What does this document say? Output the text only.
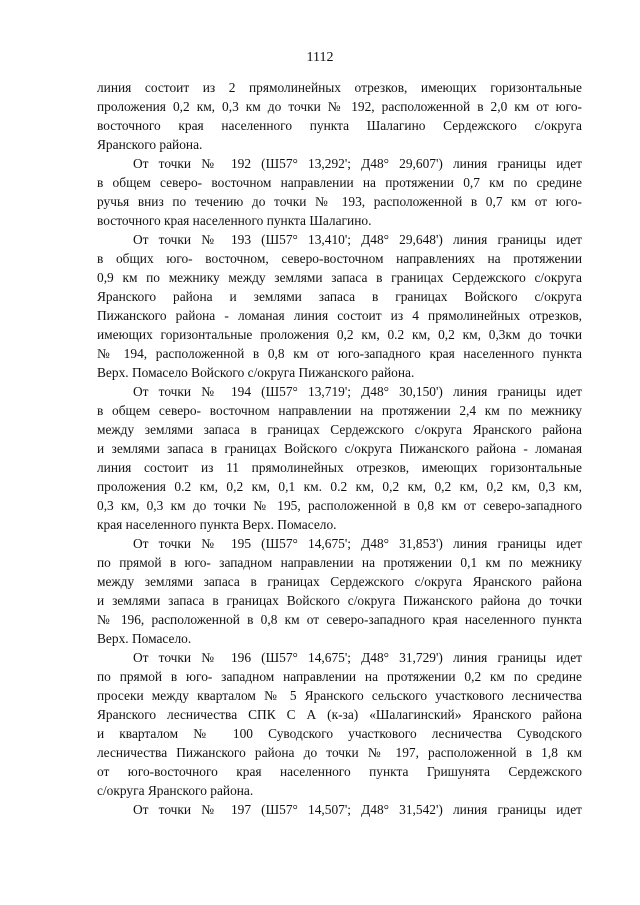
1112
линия состоит из 2 прямолинейных отрезков, имеющих горизонтальные
проложения 0,2 км, 0,3 км до точки № 192, расположенной в 2,0 км от юго-
восточного края населенного пункта Шалагино Сердежского с/округа
Яранского района.
От точки № 192 (Ш57° 13,292'; Д48° 29,607') линия границы идет
в общем северо- восточном направлении на протяжении 0,7 км по средине
ручья вниз по течению до точки № 193, расположенной в 0,7 км от юго-
восточного края населенного пункта Шалагино.
От точки № 193 (Ш57° 13,410'; Д48° 29,648') линия границы идет
в общих юго- восточном, северо-восточном направлениях на протяжении
0,9 км по межнику между землями запаса в границах Сердежского с/округа
Яранского района и землями запаса в границах Войского с/округа
Пижанского района - ломаная линия состоит из 4 прямолинейных отрезков,
имеющих горизонтальные проложения 0,2 км, 0.2 км, 0,2 км, 0,3км до точки
№ 194, расположенной в 0,8 км от юго-западного края населенного пункта
Верх. Помасело Войского с/округа Пижанского района.
От точки № 194 (Ш57° 13,719'; Д48° 30,150') линия границы идет
в общем северо- восточном направлении на протяжении 2,4 км по межнику
между землями запаса в границах Сердежского с/округа Яранского района
и землями запаса в границах Войского с/округа Пижанского района - ломаная
линия состоит из 11 прямолинейных отрезков, имеющих горизонтальные
проложения 0.2 км, 0,2 км, 0,1 км. 0.2 км, 0,2 км, 0,2 км, 0,2 км, 0,3 км,
0,3 км, 0,3 км до точки № 195, расположенной в 0,8 км от северо-западного
края населенного пункта Верх. Помасело.
От точки № 195 (Ш57° 14,675'; Д48° 31,853') линия границы идет
по прямой в юго- западном направлении на протяжении 0,1 км по межнику
между землями запаса в границах Сердежского с/округа Яранского района
и землями запаса в границах Войского с/округа Пижанского района до точки
№ 196, расположенной в 0,8 км от северо-западного края населенного пункта
Верх. Помасело.
От точки № 196 (Ш57° 14,675'; Д48° 31,729') линия границы идет
по прямой в юго- западном направлении на протяжении 0,2 км по средине
просеки между кварталом № 5 Яранского сельского участкового лесничества
Яранского лесничества СПК С А (к-за) «Шалагинский» Яранского района
и кварталом № 100 Суводского участкового лесничества Суводского
лесничества Пижанского района до точки № 197, расположенной в 1,8 км
от юго-восточного края населенного пункта Гришунята Сердежского
с/округа Яранского района.
От точки № 197 (Ш57° 14,507'; Д48° 31,542') линия границы идет
